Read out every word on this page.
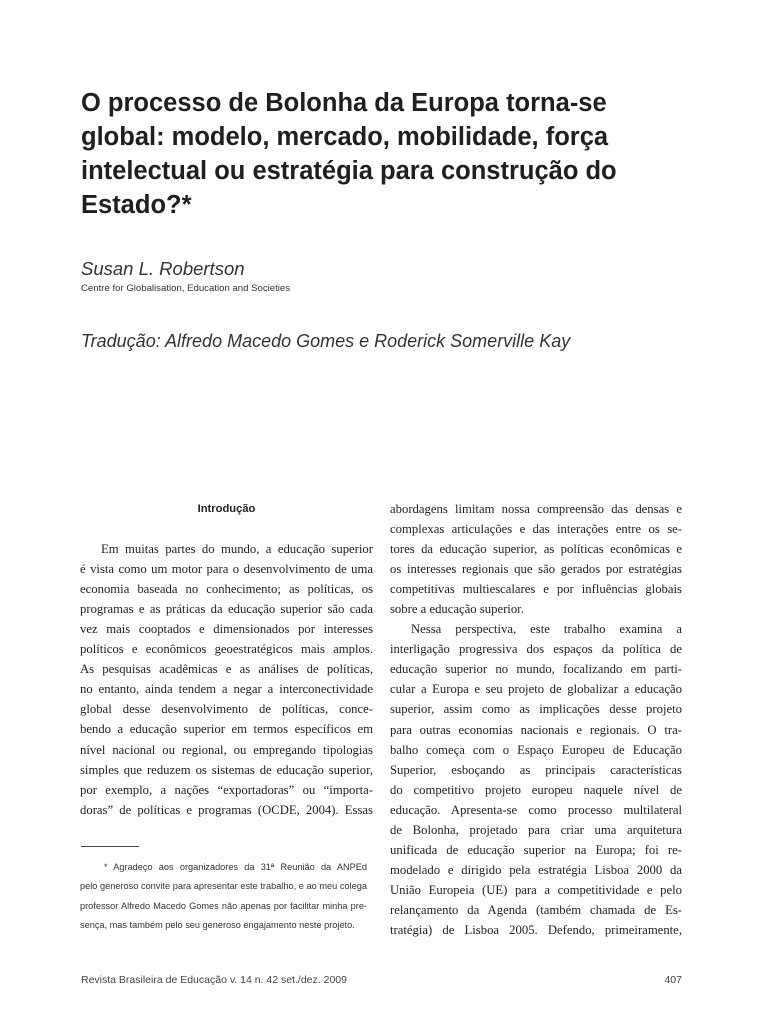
O processo de Bolonha da Europa torna-se global: modelo, mercado, mobilidade, força intelectual ou estratégia para construção do Estado?*
Susan L. Robertson
Centre for Globalisation, Education and Societies
Tradução: Alfredo Macedo Gomes e Roderick Somerville Kay
Introdução
Em muitas partes do mundo, a educação superior
é vista como um motor para o desenvolvimento de uma
economia baseada no conhecimento; as políticas, os
programas e as práticas da educação superior são cada
vez mais cooptados e dimensionados por interesses
políticos e econômicos geoestratégicos mais amplos.
As pesquisas acadêmicas e as análises de políticas,
no entanto, ainda tendem a negar a interconectividade
global desse desenvolvimento de políticas, conce-
bendo a educação superior em termos específicos em
nível nacional ou regional, ou empregando tipologias
simples que reduzem os sistemas de educação superior,
por exemplo, a nações “exportadoras” ou “importa-
doras” de políticas e programas (OCDE, 2004). Essas
abordagens limitam nossa compreensão das densas e
complexas articulações e das interações entre os se-
tores da educação superior, as políticas econômicas e
os interesses regionais que são gerados por estratégias
competitivas multiescalares e por influências globais
sobre a educação superior.
Nessa perspectiva, este trabalho examina a
interligação progressiva dos espaços da política de
educação superior no mundo, focalizando em parti-
cular a Europa e seu projeto de globalizar a educação
superior, assim como as implicações desse projeto
para outras economias nacionais e regionais. O tra-
balho começa com o Espaço Europeu de Educação
Superior, esboçando as principais características
do competitivo projeto europeu naquele nível de
educação. Apresenta-se como processo multilateral
de Bolonha, projetado para criar uma arquitetura
unificada de educação superior na Europa; foi re-
modelado e dirigido pela estratégia Lisboa 2000 da
União Europeia (UE) para a competitividade e pelo
relançamento da Agenda (também chamada de Es-
tratégia) de Lisboa 2005. Defendo, primeiramente,
* Agradeço aos organizadores da 31ª Reunião da ANPEd
pelo generoso convite para apresentar este trabalho, e ao meu colega
professor Alfredo Macedo Gomes não apenas por facilitar minha pre-
sença, mas também pelo seu generoso engajamento neste projeto.
Revista Brasileira de Educação v. 14 n. 42 set./dez. 2009	407
